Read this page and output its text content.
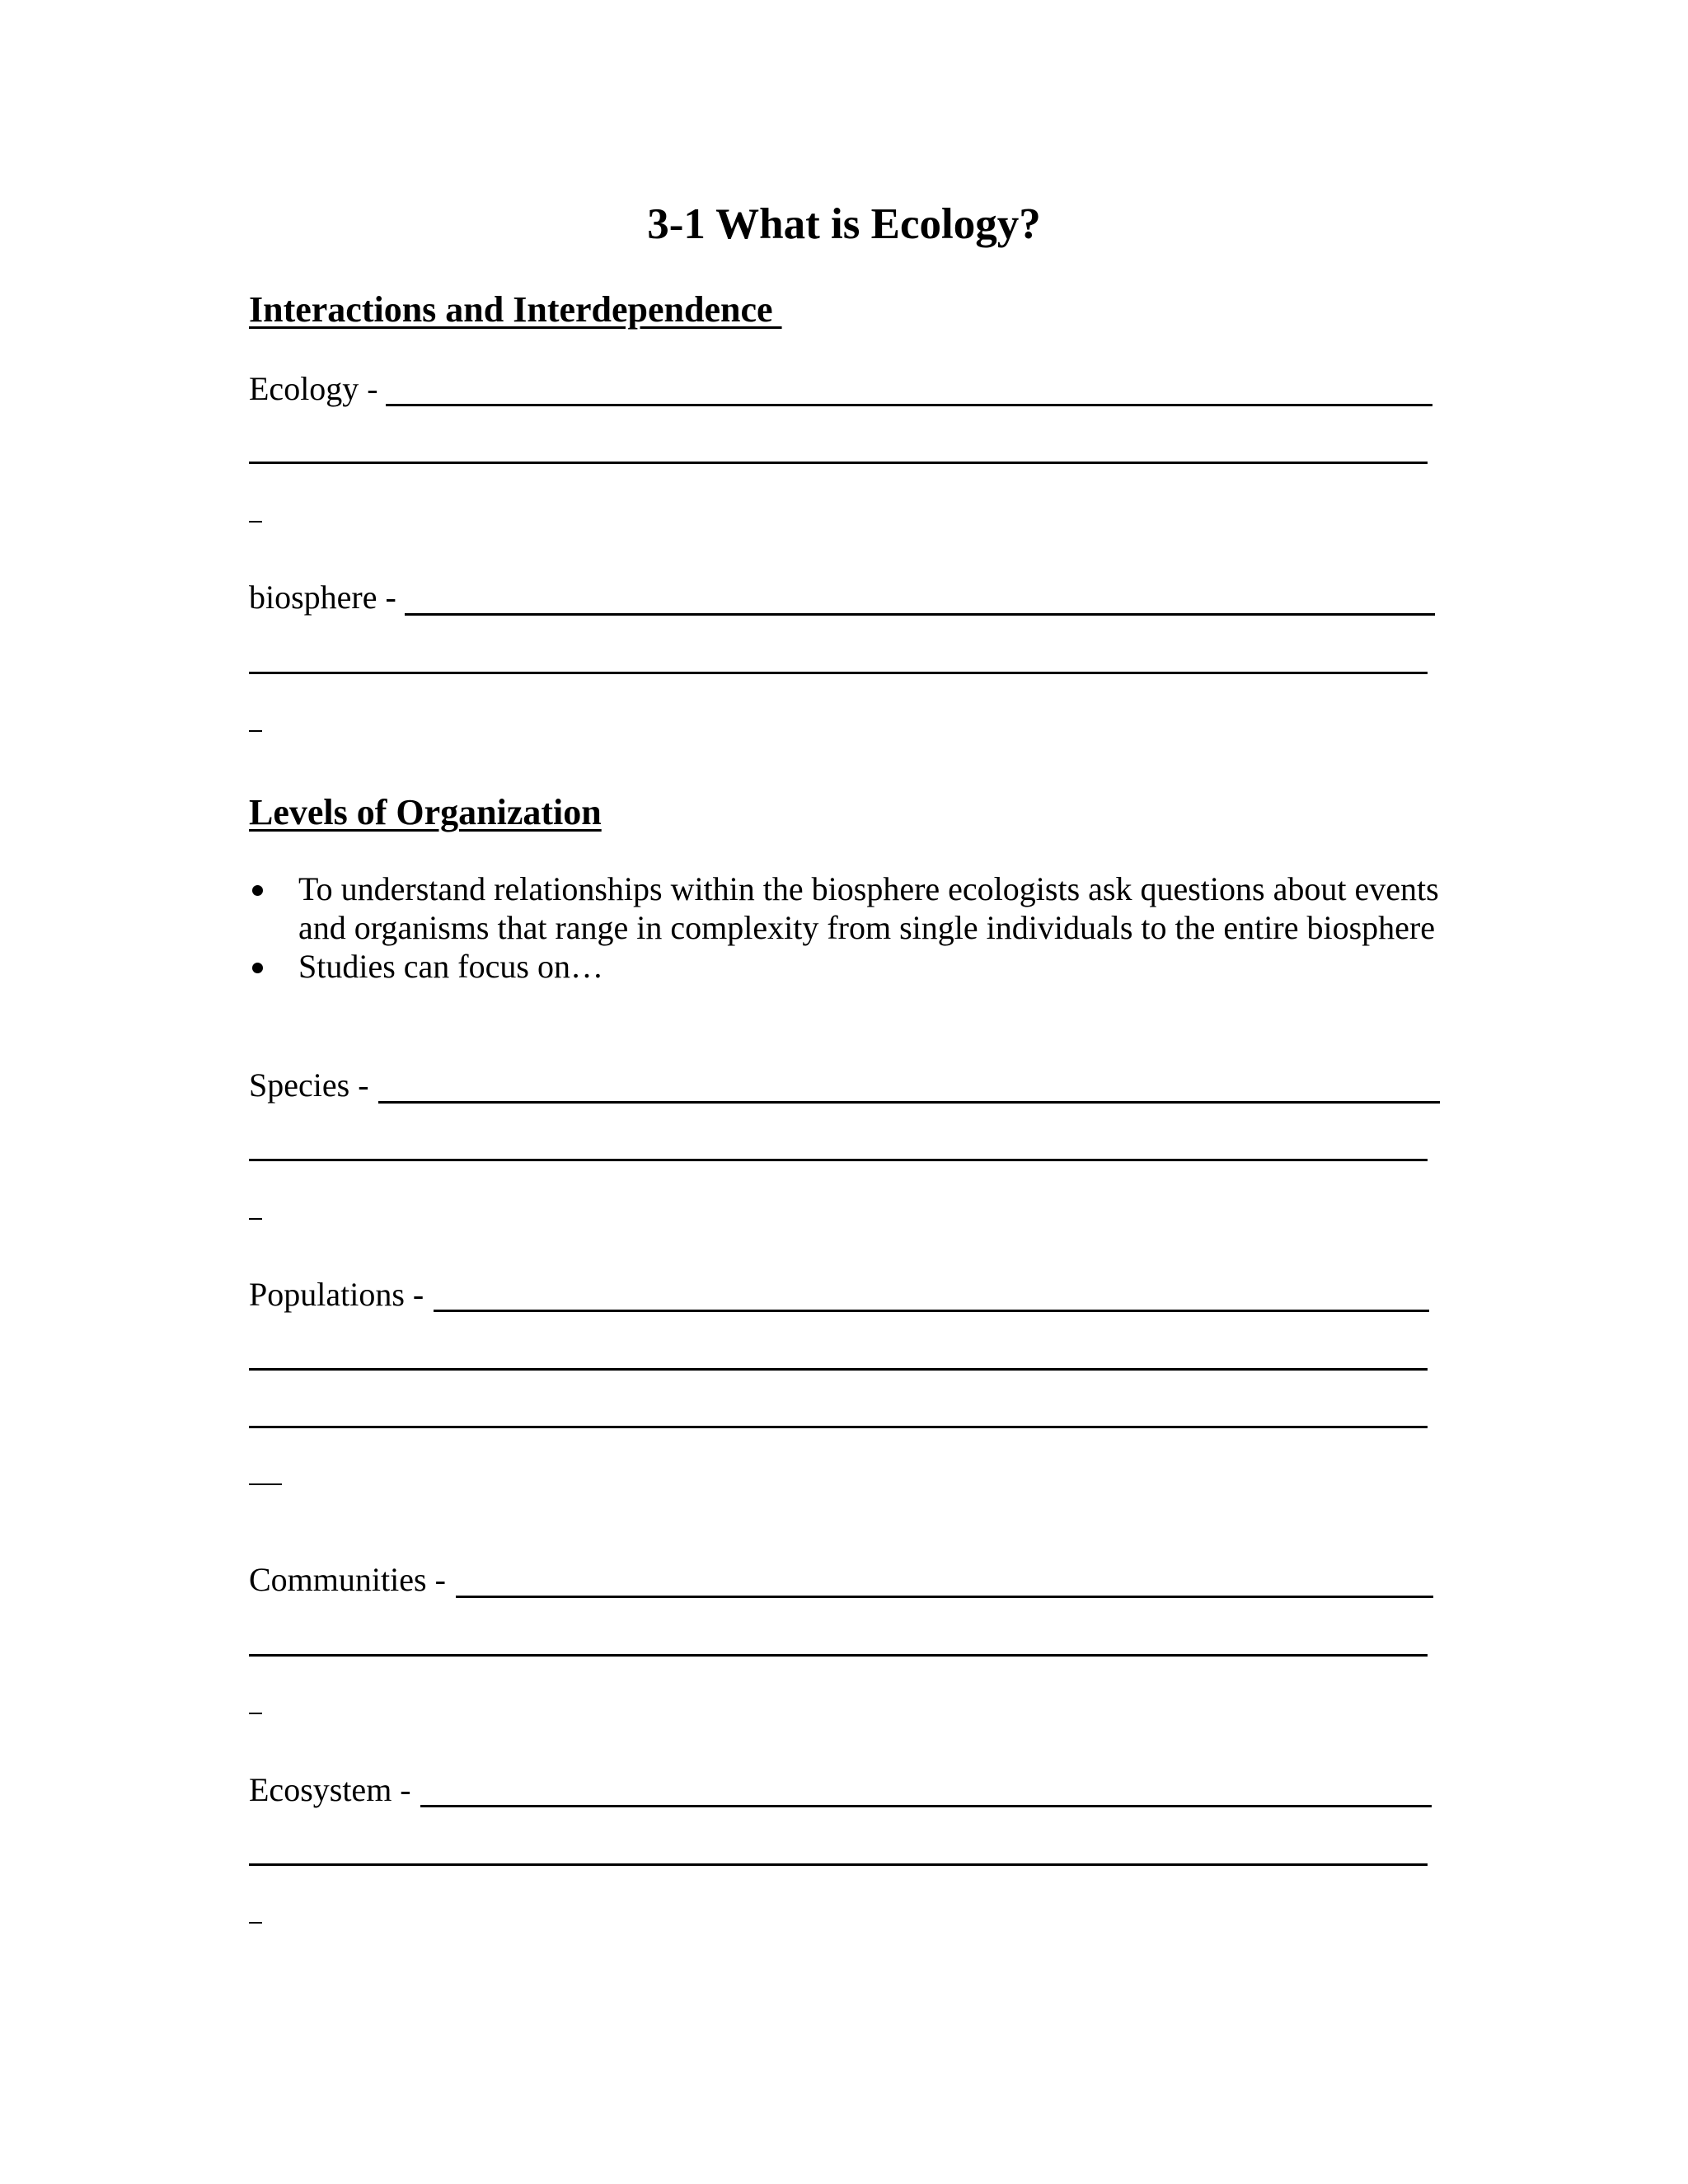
3-1 What is Ecology?
Interactions and Interdependence
Ecology -
biosphere -
Levels of Organization
To understand relationships within the biosphere ecologists ask questions about events and organisms that range in complexity from single individuals to the entire biosphere
Studies can focus on…
Species -
Populations -
Communities -
Ecosystem -
